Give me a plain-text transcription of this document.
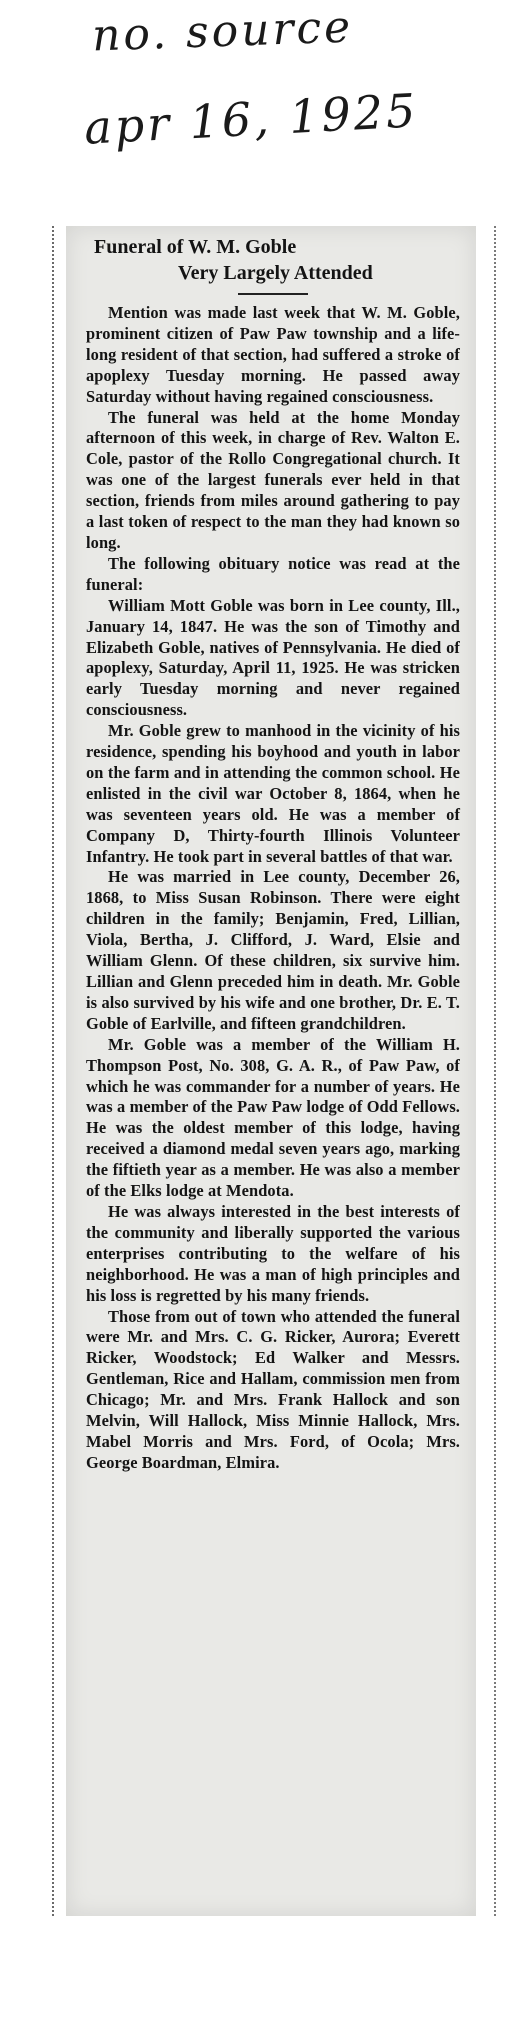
no. source
apr 16, 1925
Funeral of W. M. Goble
Very Largely Attended

Mention was made last week that W. M. Goble, prominent citizen of Paw Paw township and a life-long resident of that section, had suffered a stroke of apoplexy Tuesday morning. He passed away Saturday without having regained consciousness.

The funeral was held at the home Monday afternoon of this week, in charge of Rev. Walton E. Cole, pastor of the Rollo Congregational church. It was one of the largest funerals ever held in that section, friends from miles around gathering to pay a last token of respect to the man they had known so long.

The following obituary notice was read at the funeral:

William Mott Goble was born in Lee county, Ill., January 14, 1847. He was the son of Timothy and Elizabeth Goble, natives of Pennsylvania. He died of apoplexy, Saturday, April 11, 1925. He was stricken early Tuesday morning and never regained consciousness.

Mr. Goble grew to manhood in the vicinity of his residence, spending his boyhood and youth in labor on the farm and in attending the common school. He enlisted in the civil war October 8, 1864, when he was seventeen years old. He was a member of Company D, Thirty-fourth Illinois Volunteer Infantry. He took part in several battles of that war.

He was married in Lee county, December 26, 1868, to Miss Susan Robinson. There were eight children in the family; Benjamin, Fred, Lillian, Viola, Bertha, J. Clifford, J. Ward, Elsie and William Glenn. Of these children, six survive him. Lillian and Glenn preceded him in death. Mr. Goble is also survived by his wife and one brother, Dr. E. T. Goble of Earlville, and fifteen grandchildren.

Mr. Goble was a member of the William H. Thompson Post, No. 308, G. A. R., of Paw Paw, of which he was commander for a number of years. He was a member of the Paw Paw lodge of Odd Fellows. He was the oldest member of this lodge, having received a diamond medal seven years ago, marking the fiftieth year as a member. He was also a member of the Elks lodge at Mendota.

He was always interested in the best interests of the community and liberally supported the various enterprises contributing to the welfare of his neighborhood. He was a man of high principles and his loss is regretted by his many friends.

Those from out of town who attended the funeral were Mr. and Mrs. C. G. Ricker, Aurora; Everett Ricker, Woodstock; Ed Walker and Messrs. Gentleman, Rice and Hallam, commission men from Chicago; Mr. and Mrs. Frank Hallock and son Melvin, Will Hallock, Miss Minnie Hallock, Mrs. Mabel Morris and Mrs. Ford, of Ocola; Mrs. George Boardman, Elmira.
